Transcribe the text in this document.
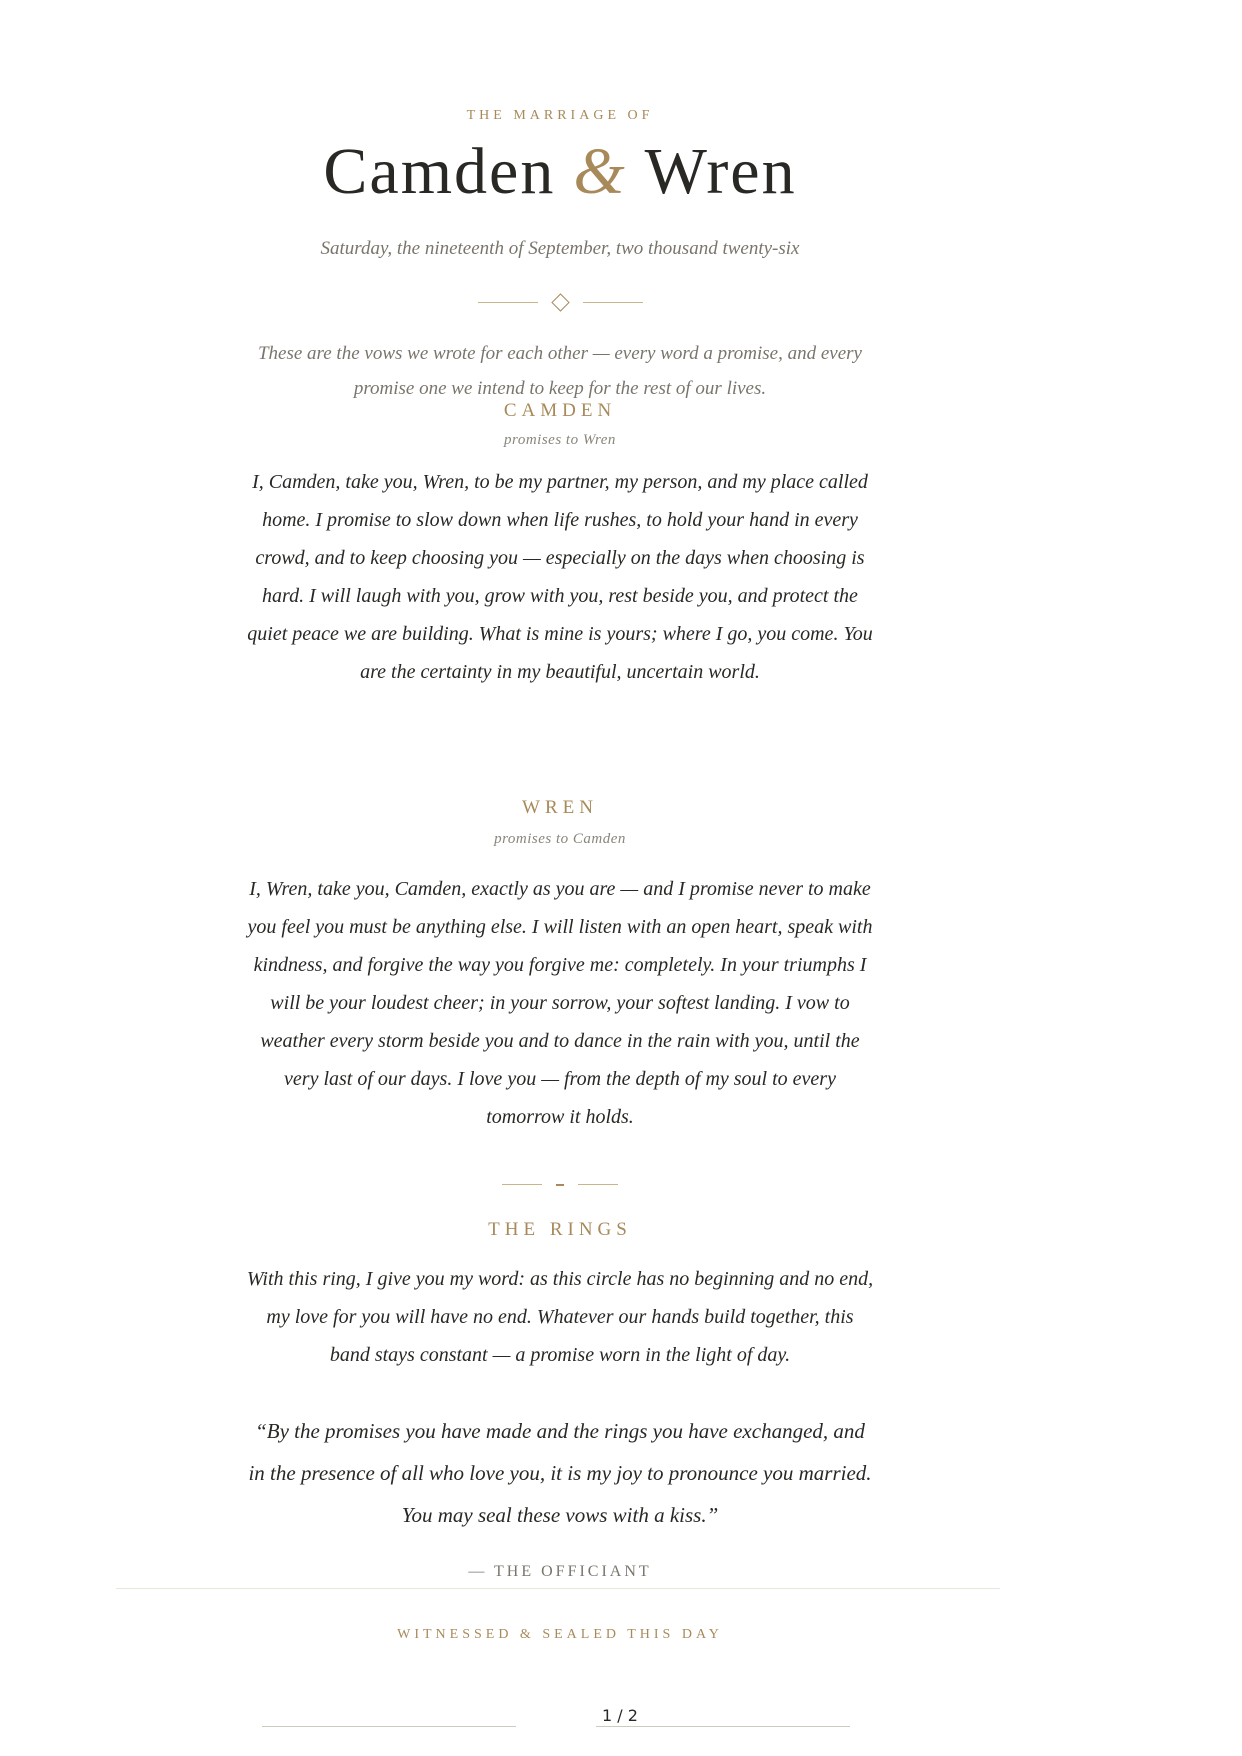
THE MARRIAGE OF
Camden & Wren
Saturday, the nineteenth of September, two thousand twenty-six
These are the vows we wrote for each other — every word a promise, and every promise one we intend to keep for the rest of our lives.
CAMDEN
promises to Wren
I, Camden, take you, Wren, to be my partner, my person, and my place called home. I promise to slow down when life rushes, to hold your hand in every crowd, and to keep choosing you — especially on the days when choosing is hard. I will laugh with you, grow with you, rest beside you, and protect the quiet peace we are building. What is mine is yours; where I go, you come. You are the certainty in my beautiful, uncertain world.
WREN
promises to Camden
I, Wren, take you, Camden, exactly as you are — and I promise never to make you feel you must be anything else. I will listen with an open heart, speak with kindness, and forgive the way you forgive me: completely. In your triumphs I will be your loudest cheer; in your sorrow, your softest landing. I vow to weather every storm beside you and to dance in the rain with you, until the very last of our days. I love you — from the depth of my soul to every tomorrow it holds.
THE RINGS
With this ring, I give you my word: as this circle has no beginning and no end, my love for you will have no end. Whatever our hands build together, this band stays constant — a promise worn in the light of day.
“By the promises you have made and the rings you have exchanged, and in the presence of all who love you, it is my joy to pronounce you married. You may seal these vows with a kiss.”
— THE OFFICIANT
WITNESSED & SEALED THIS DAY
1 / 2
